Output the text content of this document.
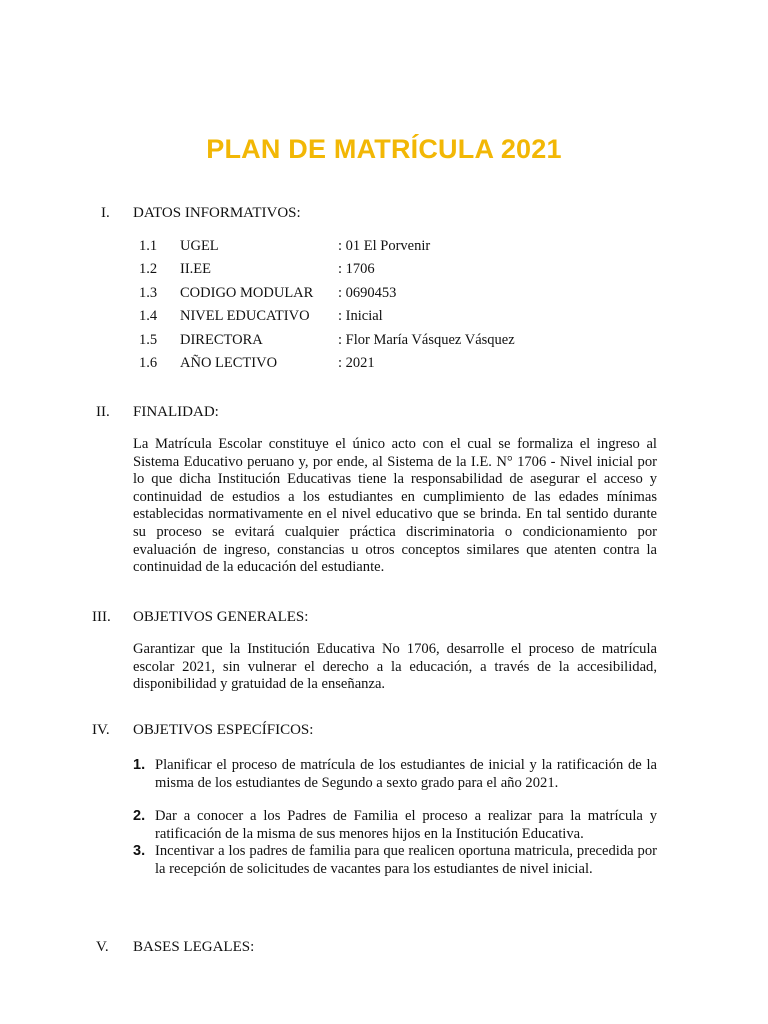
PLAN DE MATRÍCULA 2021
I. DATOS INFORMATIVOS:
1.1 UGEL	: 01 El Porvenir
1.2 II.EE	: 1706
1.3 CODIGO MODULAR : 0690453
1.4 NIVEL EDUCATIVO : Inicial
1.5 DIRECTORA	: Flor María Vásquez Vásquez
1.6 AÑO LECTIVO	: 2021
II. FINALIDAD:

La Matrícula Escolar constituye el único acto con el cual se formaliza el ingreso al Sistema Educativo peruano y, por ende, al Sistema de la I.E. N° 1706 - Nivel inicial por lo que dicha Institución Educativas tiene la responsabilidad de asegurar el acceso y continuidad de estudios a los estudiantes en cumplimiento de las edades mínimas establecidas normativamente en el nivel educativo que se brinda. En tal sentido durante su proceso se evitará cualquier práctica discriminatoria o condicionamiento por evaluación de ingreso, constancias u otros conceptos similares que atenten contra la continuidad de la educación del estudiante.

III. OBJETIVOS GENERALES:

Garantizar que la Institución Educativa No 1706, desarrolle el proceso de matrícula escolar 2021, sin vulnerar el derecho a la educación, a través de la accesibilidad, disponibilidad y gratuidad de la enseñanza.

IV. OBJETIVOS ESPECÍFICOS:
1. Planificar el proceso de matrícula de los estudiantes de inicial y la ratificación de la misma de los estudiantes de Segundo a sexto grado para el año 2021.
2. Dar a conocer a los Padres de Familia el proceso a realizar para la matrícula y ratificación de la misma de sus menores hijos en la Institución Educativa.
3. Incentivar a los padres de familia para que realicen oportuna matricula, precedida por la recepción de solicitudes de vacantes para los estudiantes de nivel inicial.
V. BASES LEGALES:
